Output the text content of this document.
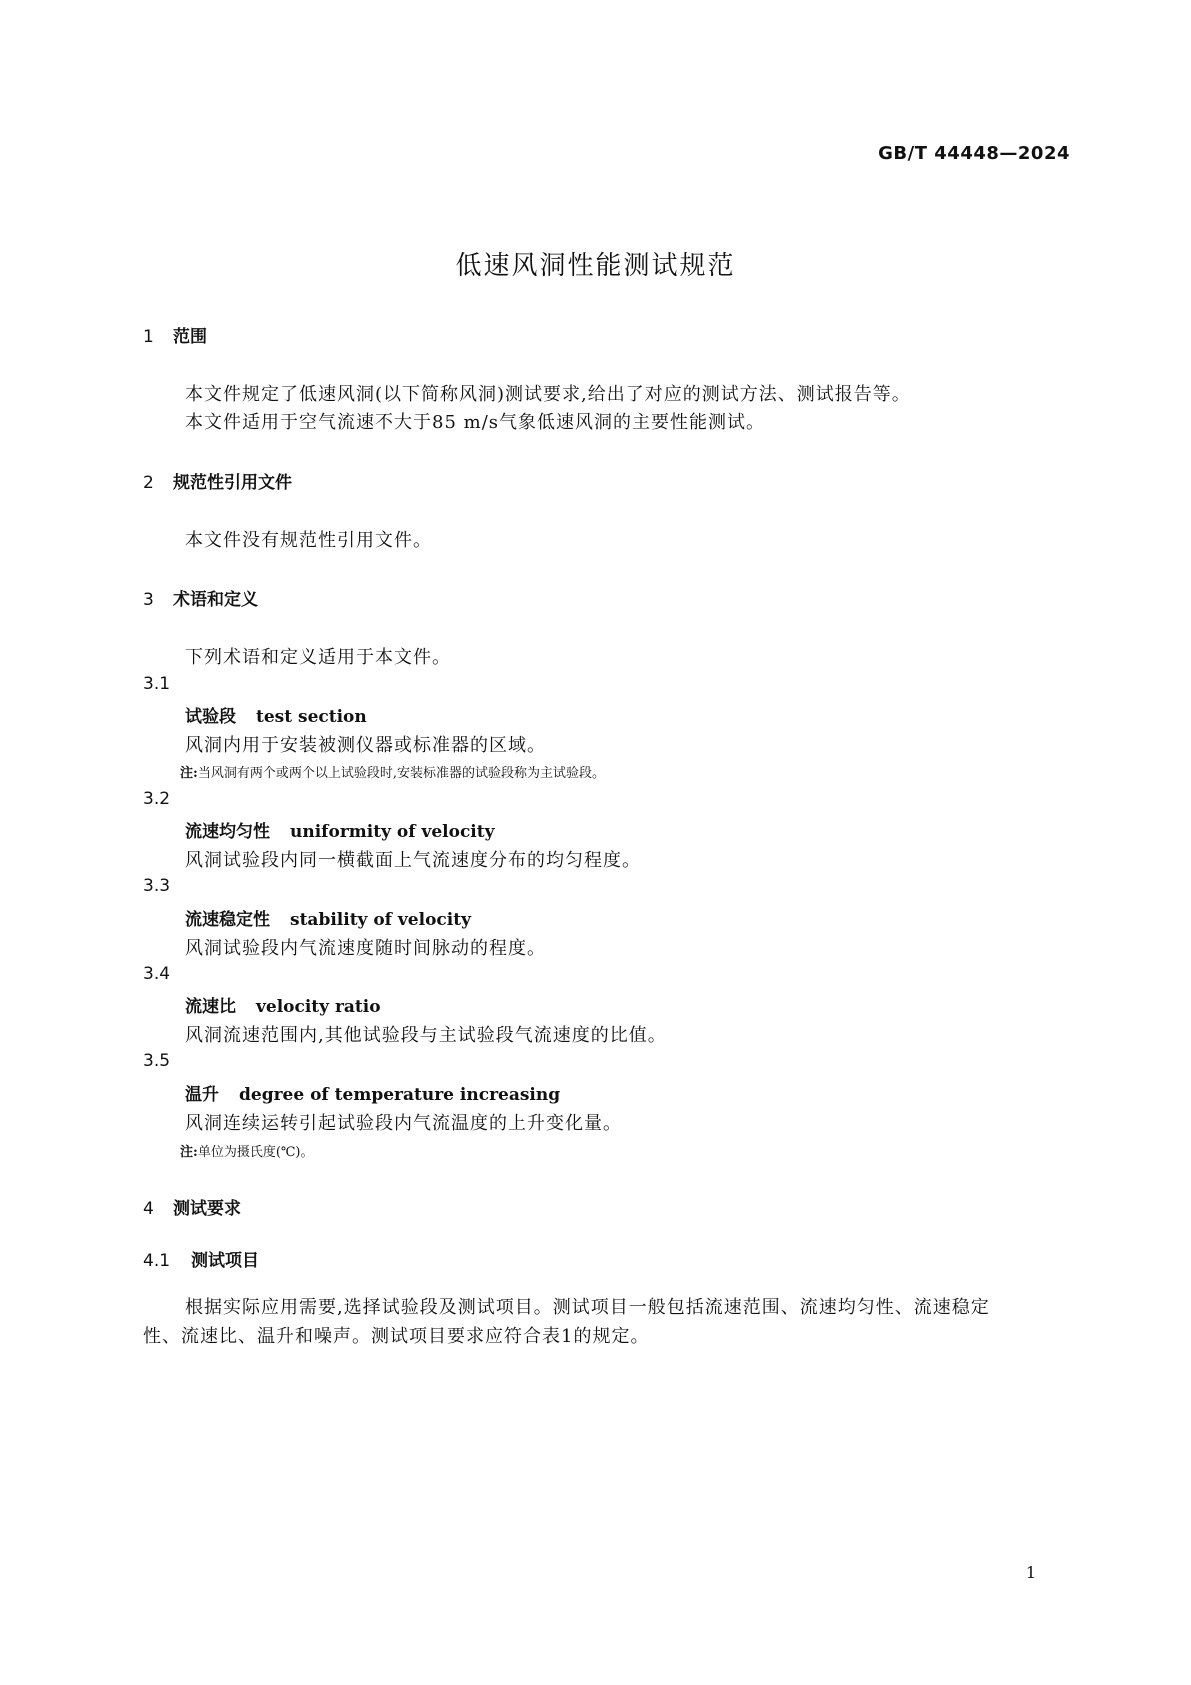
GB/T 44448—2024
低速风洞性能测试规范
1 范围
本文件规定了低速风洞(以下简称风洞)测试要求,给出了对应的测试方法、测试报告等。
本文件适用于空气流速不大于85 m/s气象低速风洞的主要性能测试。
2 规范性引用文件
本文件没有规范性引用文件。
3 术语和定义
下列术语和定义适用于本文件。
3.1
试验段 test section
风洞内用于安装被测仪器或标准器的区域。
注:当风洞有两个或两个以上试验段时,安装标准器的试验段称为主试验段。
3.2
流速均匀性 uniformity of velocity
风洞试验段内同一横截面上气流速度分布的均匀程度。
3.3
流速稳定性 stability of velocity
风洞试验段内气流速度随时间脉动的程度。
3.4
流速比 velocity ratio
风洞流速范围内,其他试验段与主试验段气流速度的比值。
3.5
温升 degree of temperature increasing
风洞连续运转引起试验段内气流温度的上升变化量。
注:单位为摄氏度(℃)。
4 测试要求
4.1 测试项目
根据实际应用需要,选择试验段及测试项目。测试项目一般包括流速范围、流速均匀性、流速稳定
性、流速比、温升和噪声。测试项目要求应符合表1的规定。
1
